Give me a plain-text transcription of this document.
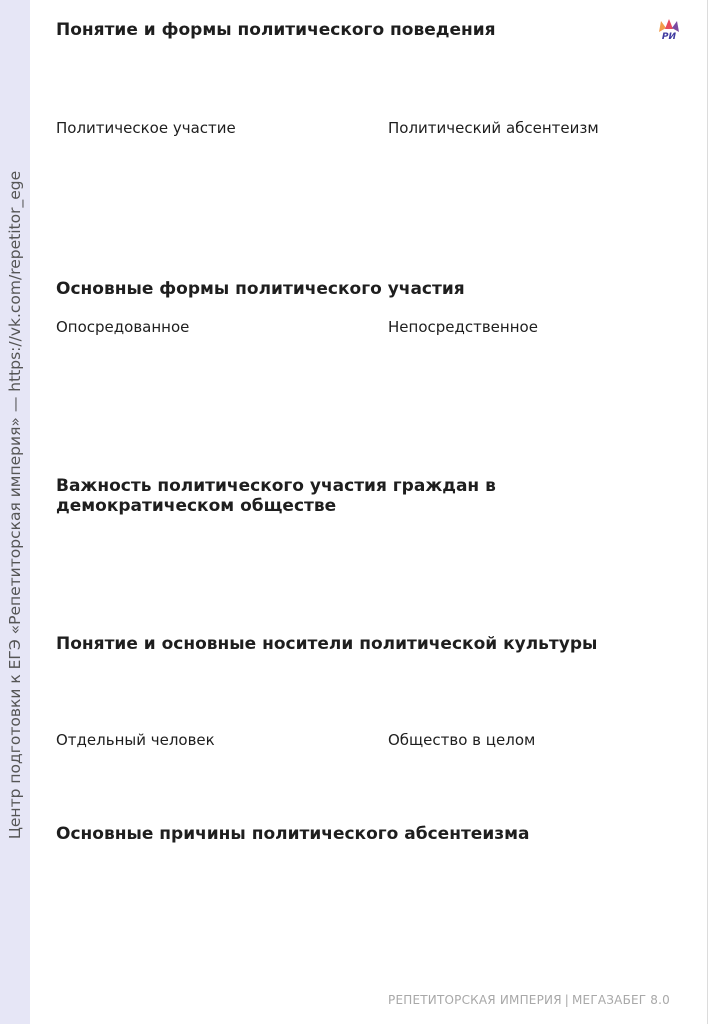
Центр подготовки к ЕГЭ «Репетиторская империя» — https://vk.com/repetitor_ege
РИ
Понятие и формы политического поведения
Политическое участие	Политический абсентеизм
Основные формы политического участия
Опосредованное	Непосредственное
Важность политического участия граждан в демократическом обществе
Понятие и основные носители политической культуры
Отдельный человек	Общество в целом
Основные причины политического абсентеизма
РЕПЕТИТОРСКАЯ ИМПЕРИЯ | МЕГАЗАБЕГ 8.0
